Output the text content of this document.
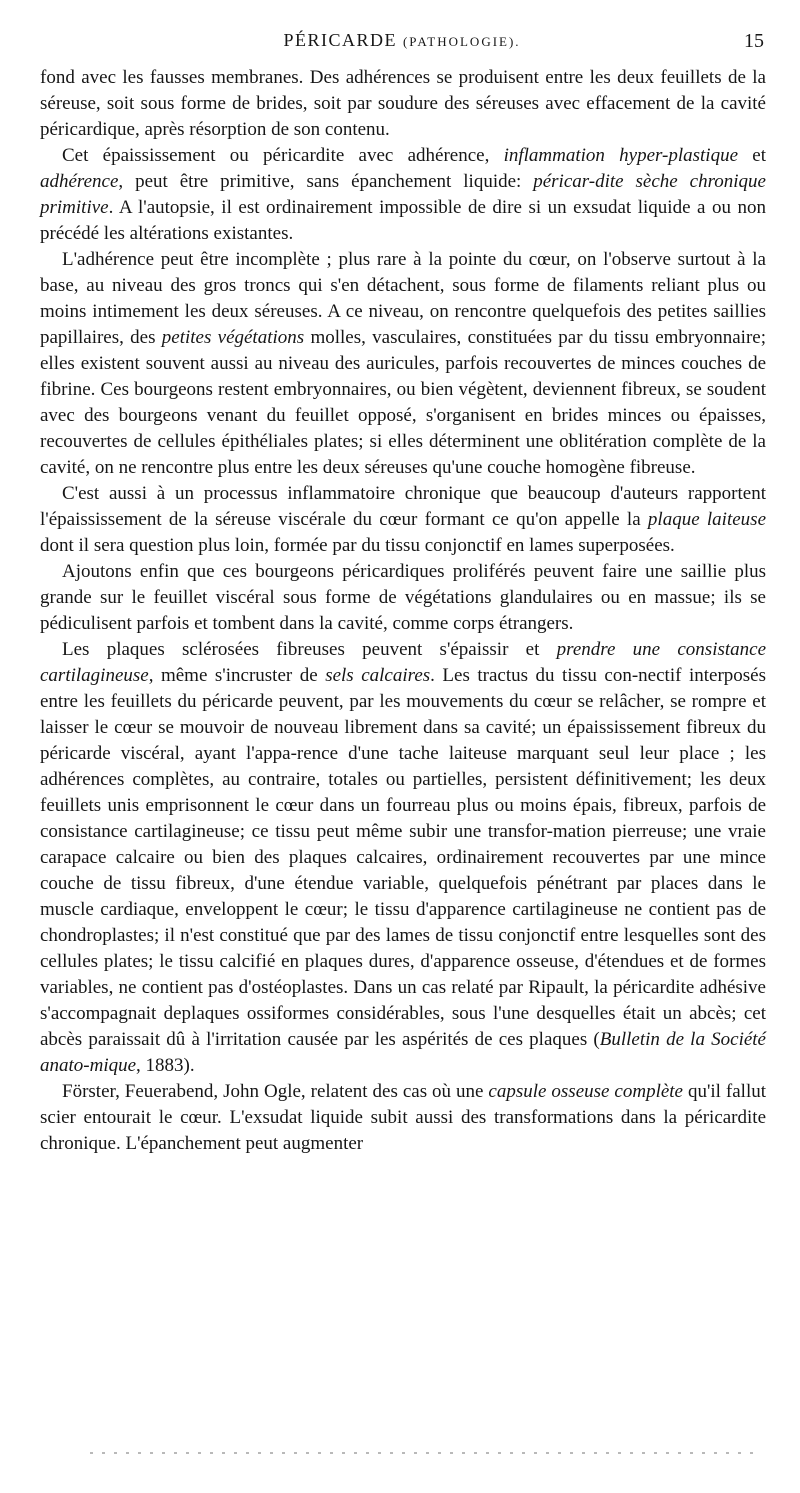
PÉRICARDE (PATHOLOGIE).	15

fond avec les fausses membranes. Des adhérences se produisent entre les deux feuillets de la séreuse, soit sous forme de brides, soit par soudure des séreuses avec effacement de la cavité péricardique, après résorption de son contenu.

Cet épaississement ou péricardite avec adhérence, inflammation hyper-plastique et adhérence, peut être primitive, sans épanchement liquide: péricar-dite sèche chronique primitive. A l'autopsie, il est ordinairement impossible de dire si un exsudat liquide a ou non précédé les altérations existantes.

L'adhérence peut être incomplète ; plus rare à la pointe du cœur, on l'observe surtout à la base, au niveau des gros troncs qui s'en détachent, sous forme de filaments reliant plus ou moins intimement les deux séreuses. A ce niveau, on rencontre quelquefois des petites saillies papillaires, des petites végétations molles, vasculaires, constituées par du tissu embryonnaire; elles existent souvent aussi au niveau des auricules, parfois recouvertes de minces couches de fibrine. Ces bourgeons restent embryonnaires, ou bien végètent, deviennent fibreux, se soudent avec des bourgeons venant du feuillet opposé, s'organisent en brides minces ou épaisses, recouvertes de cellules épithéliales plates; si elles déterminent une oblitération complète de la cavité, on ne rencontre plus entre les deux séreuses qu'une couche homogène fibreuse.

C'est aussi à un processus inflammatoire chronique que beaucoup d'auteurs rapportent l'épaississement de la séreuse viscérale du cœur formant ce qu'on appelle la plaque laiteuse dont il sera question plus loin, formée par du tissu conjonctif en lames superposées.

Ajoutons enfin que ces bourgeons péricardiques proliférés peuvent faire une saillie plus grande sur le feuillet viscéral sous forme de végétations glandulaires ou en massue; ils se pédiculisent parfois et tombent dans la cavité, comme corps étrangers.

Les plaques sclérosées fibreuses peuvent s'épaissir et prendre une consistance cartilagineuse, même s'incruster de sels calcaires. Les tractus du tissu con-nectif interposés entre les feuillets du péricarde peuvent, par les mouvements du cœur se relâcher, se rompre et laisser le cœur se mouvoir de nouveau librement dans sa cavité; un épaississement fibreux du péricarde viscéral, ayant l'appa-rence d'une tache laiteuse marquant seul leur place ; les adhérences complètes, au contraire, totales ou partielles, persistent définitivement; les deux feuillets unis emprisonnent le cœur dans un fourreau plus ou moins épais, fibreux, parfois de consistance cartilagineuse; ce tissu peut même subir une transfor-mation pierreuse; une vraie carapace calcaire ou bien des plaques calcaires, ordinairement recouvertes par une mince couche de tissu fibreux, d'une étendue variable, quelquefois pénétrant par places dans le muscle cardiaque, enveloppent le cœur; le tissu d'apparence cartilagineuse ne contient pas de chondroplastes; il n'est constitué que par des lames de tissu conjonctif entre lesquelles sont des cellules plates; le tissu calcifié en plaques dures, d'apparence osseuse, d'étendues et de formes variables, ne contient pas d'ostéoplastes. Dans un cas relaté par Ripault, la péricardite adhésive s'accompagnait deplaques ossiformes considérables, sous l'une desquelles était un abcès; cet abcès paraissait dû à l'irritation causée par les aspérités de ces plaques (Bulletin de la Société anato-mique, 1883).

Förster, Feuerabend, John Ogle, relatent des cas où une capsule osseuse complète qu'il fallut scier entourait le cœur. L'exsudat liquide subit aussi des transformations dans la péricardite chronique. L'épanchement peut augmenter
